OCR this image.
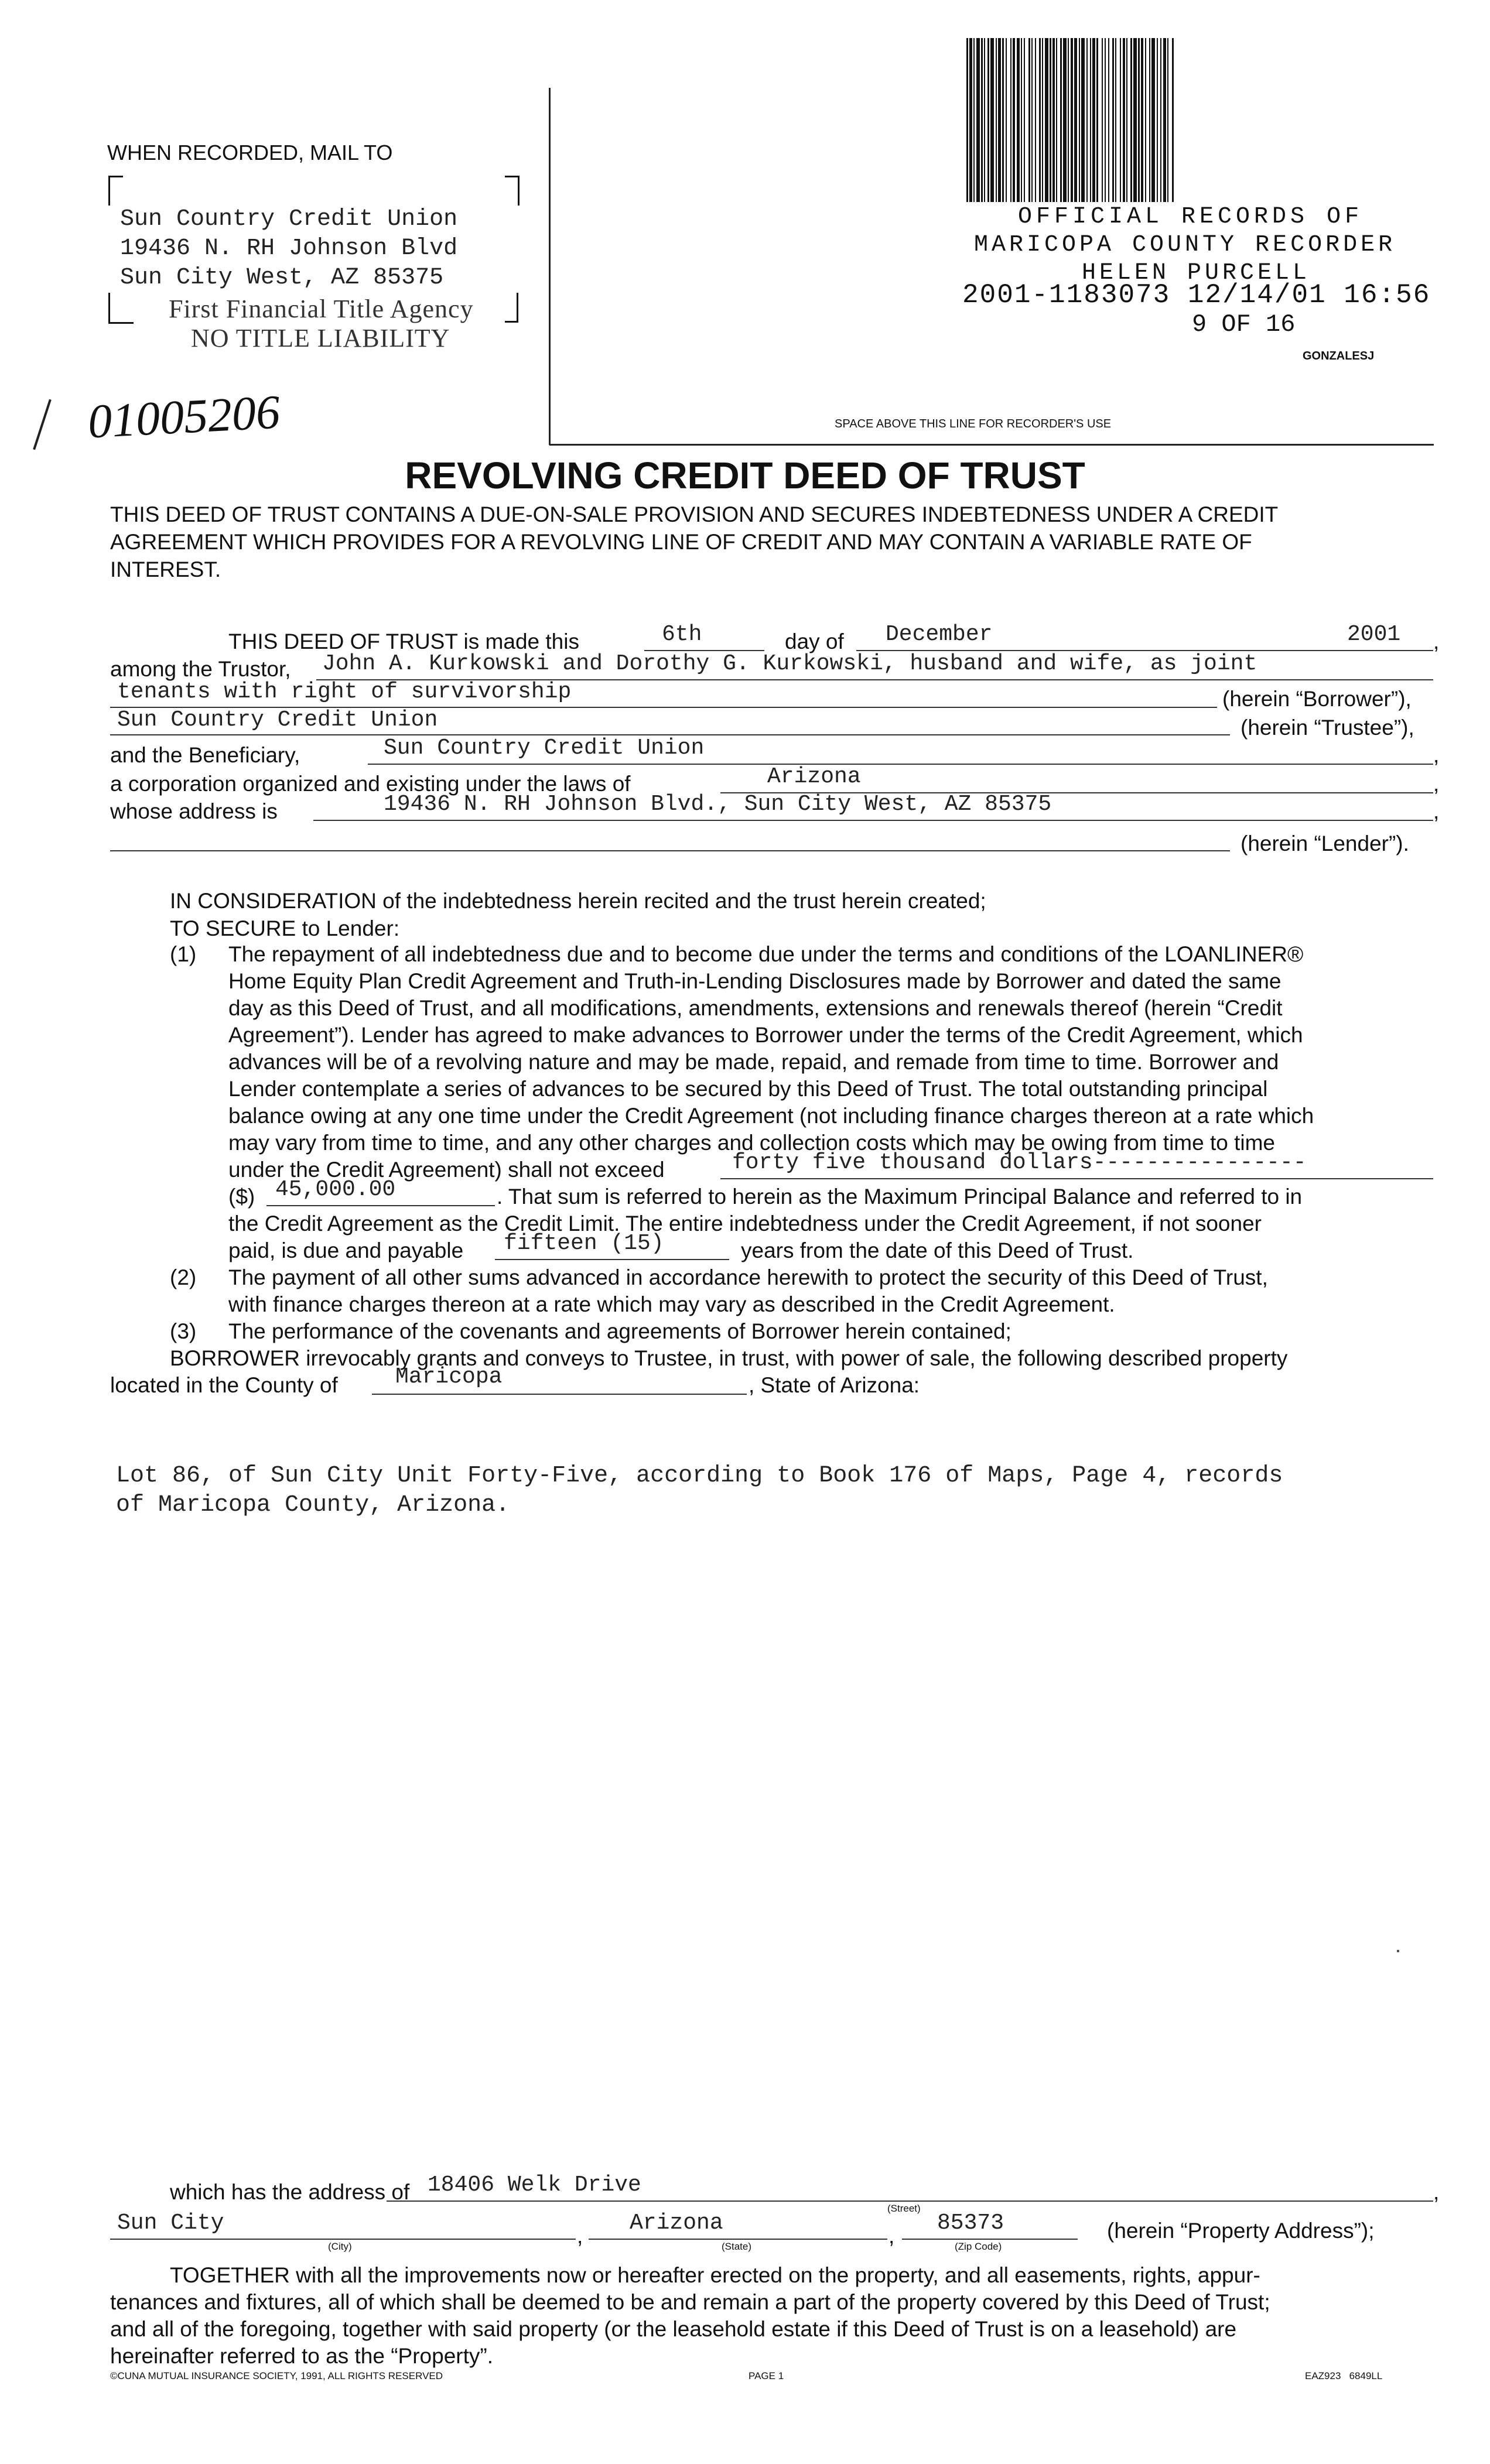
WHEN RECORDED, MAIL TO
Sun Country Credit Union
19436 N. RH Johnson Blvd
Sun City West, AZ 85375
First Financial Title Agency
NO TITLE LIABILITY
01005206
OFFICIAL RECORDS OF
MARICOPA COUNTY RECORDER
HELEN PURCELL
2001-1183073 12/14/01 16:56
9 OF 16
GONZALESJ
SPACE ABOVE THIS LINE FOR RECORDER'S USE
REVOLVING CREDIT DEED OF TRUST
THIS DEED OF TRUST CONTAINS A DUE-ON-SALE PROVISION AND SECURES INDEBTEDNESS UNDER A CREDIT
AGREEMENT WHICH PROVIDES FOR A REVOLVING LINE OF CREDIT AND MAY CONTAIN A VARIABLE RATE OF
INTEREST.
THIS DEED OF TRUST is made this	6th	day of December	2001 ,
among the Trustor, John A. Kurkowski and Dorothy G. Kurkowski, husband and wife, as joint
tenants with right of survivorship	(herein “Borrower”),
Sun Country Credit Union	(herein “Trustee”),
and the Beneficiary,	Sun Country Credit Union	,
a corporation organized and existing under the laws of	Arizona	,
whose address is	19436 N. RH Johnson Blvd., Sun City West, AZ 85375	,
(herein “Lender”).
IN CONSIDERATION of the indebtedness herein recited and the trust herein created;
TO SECURE to Lender:
(1) The repayment of all indebtedness due and to become due under the terms and conditions of the LOANLINER®
Home Equity Plan Credit Agreement and Truth-in-Lending Disclosures made by Borrower and dated the same
day as this Deed of Trust, and all modifications, amendments, extensions and renewals thereof (herein “Credit
Agreement”). Lender has agreed to make advances to Borrower under the terms of the Credit Agreement, which
advances will be of a revolving nature and may be made, repaid, and remade from time to time. Borrower and
Lender contemplate a series of advances to be secured by this Deed of Trust. The total outstanding principal
balance owing at any one time under the Credit Agreement (not including finance charges thereon at a rate which
may vary from time to time, and any other charges and collection costs which may be owing from time to time
under the Credit Agreement) shall not exceed	forty five thousand dollars----------------
($) 45,000.00	. That sum is referred to herein as the Maximum Principal Balance and referred to in
the Credit Agreement as the Credit Limit. The entire indebtedness under the Credit Agreement, if not sooner
paid, is due and payable fifteen (15)	years from the date of this Deed of Trust.
(2) The payment of all other sums advanced in accordance herewith to protect the security of this Deed of Trust,
with finance charges thereon at a rate which may vary as described in the Credit Agreement.
(3) The performance of the covenants and agreements of Borrower herein contained;
BORROWER irrevocably grants and conveys to Trustee, in trust, with power of sale, the following described property
located in the County of	Maricopa	, State of Arizona:
Lot 86, of Sun City Unit Forty-Five, according to Book 176 of Maps, Page 4, records
of Maricopa County, Arizona.
which has the address of 18406 Welk Drive	,
(Street)
Sun City
,
(City)
Arizona
,
(State)
85373
(Zip Code)
(herein “Property Address”);
TOGETHER with all the improvements now or hereafter erected on the property, and all easements, rights, appur-
tenances and fixtures, all of which shall be deemed to be and remain a part of the property covered by this Deed of Trust;
and all of the foregoing, together with said property (or the leasehold estate if this Deed of Trust is on a leasehold) are
hereinafter referred to as the “Property”.
©CUNA MUTUAL INSURANCE SOCIETY, 1991, ALL RIGHTS RESERVED	PAGE 1	EAZ923   6849LL
